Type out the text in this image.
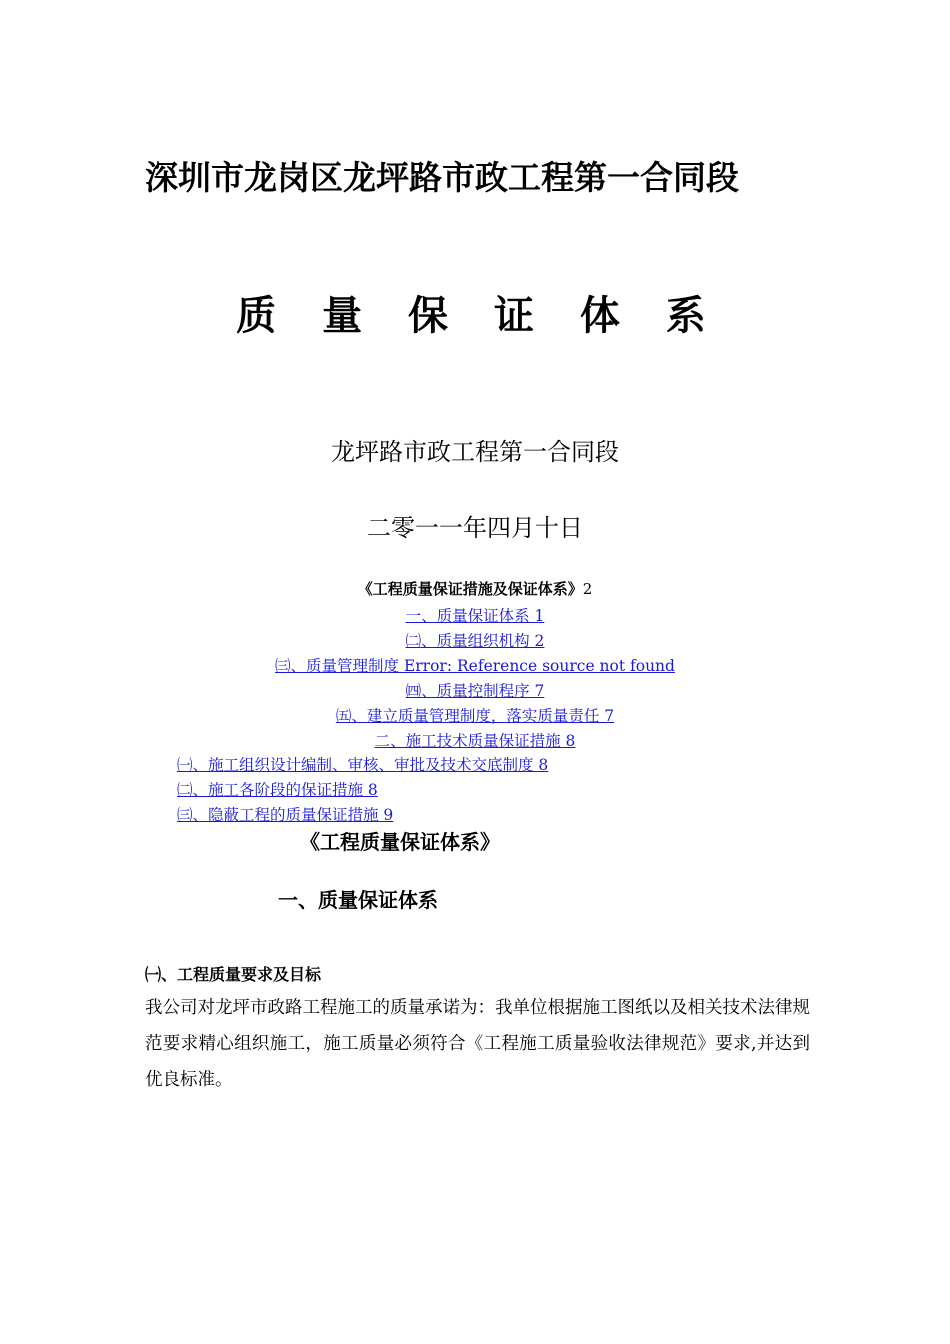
深圳市龙岗区龙坪路市政工程第一合同段
质 量 保 证 体 系
龙坪路市政工程第一合同段
二零一一年四月十日
《工程质量保证措施及保证体系》2
一、质量保证体系 1
㈡、质量组织机构 2
㈢、质量管理制度 Error: Reference source not found
㈣、质量控制程序 7
㈤、建立质量管理制度，落实质量责任 7
二、施工技术质量保证措施 8
㈠、施工组织设计编制、审核、审批及技术交底制度 8
㈡、施工各阶段的保证措施 8
㈢、隐蔽工程的质量保证措施 9
《工程质量保证体系》
一、质量保证体系
㈠、工程质量要求及目标
我公司对龙坪市政路工程施工的质量承诺为：我单位根据施工图纸以及相关技术法律规范要求精心组织施工，施工质量必须符合《工程施工质量验收法律规范》要求,并达到优良标准。
